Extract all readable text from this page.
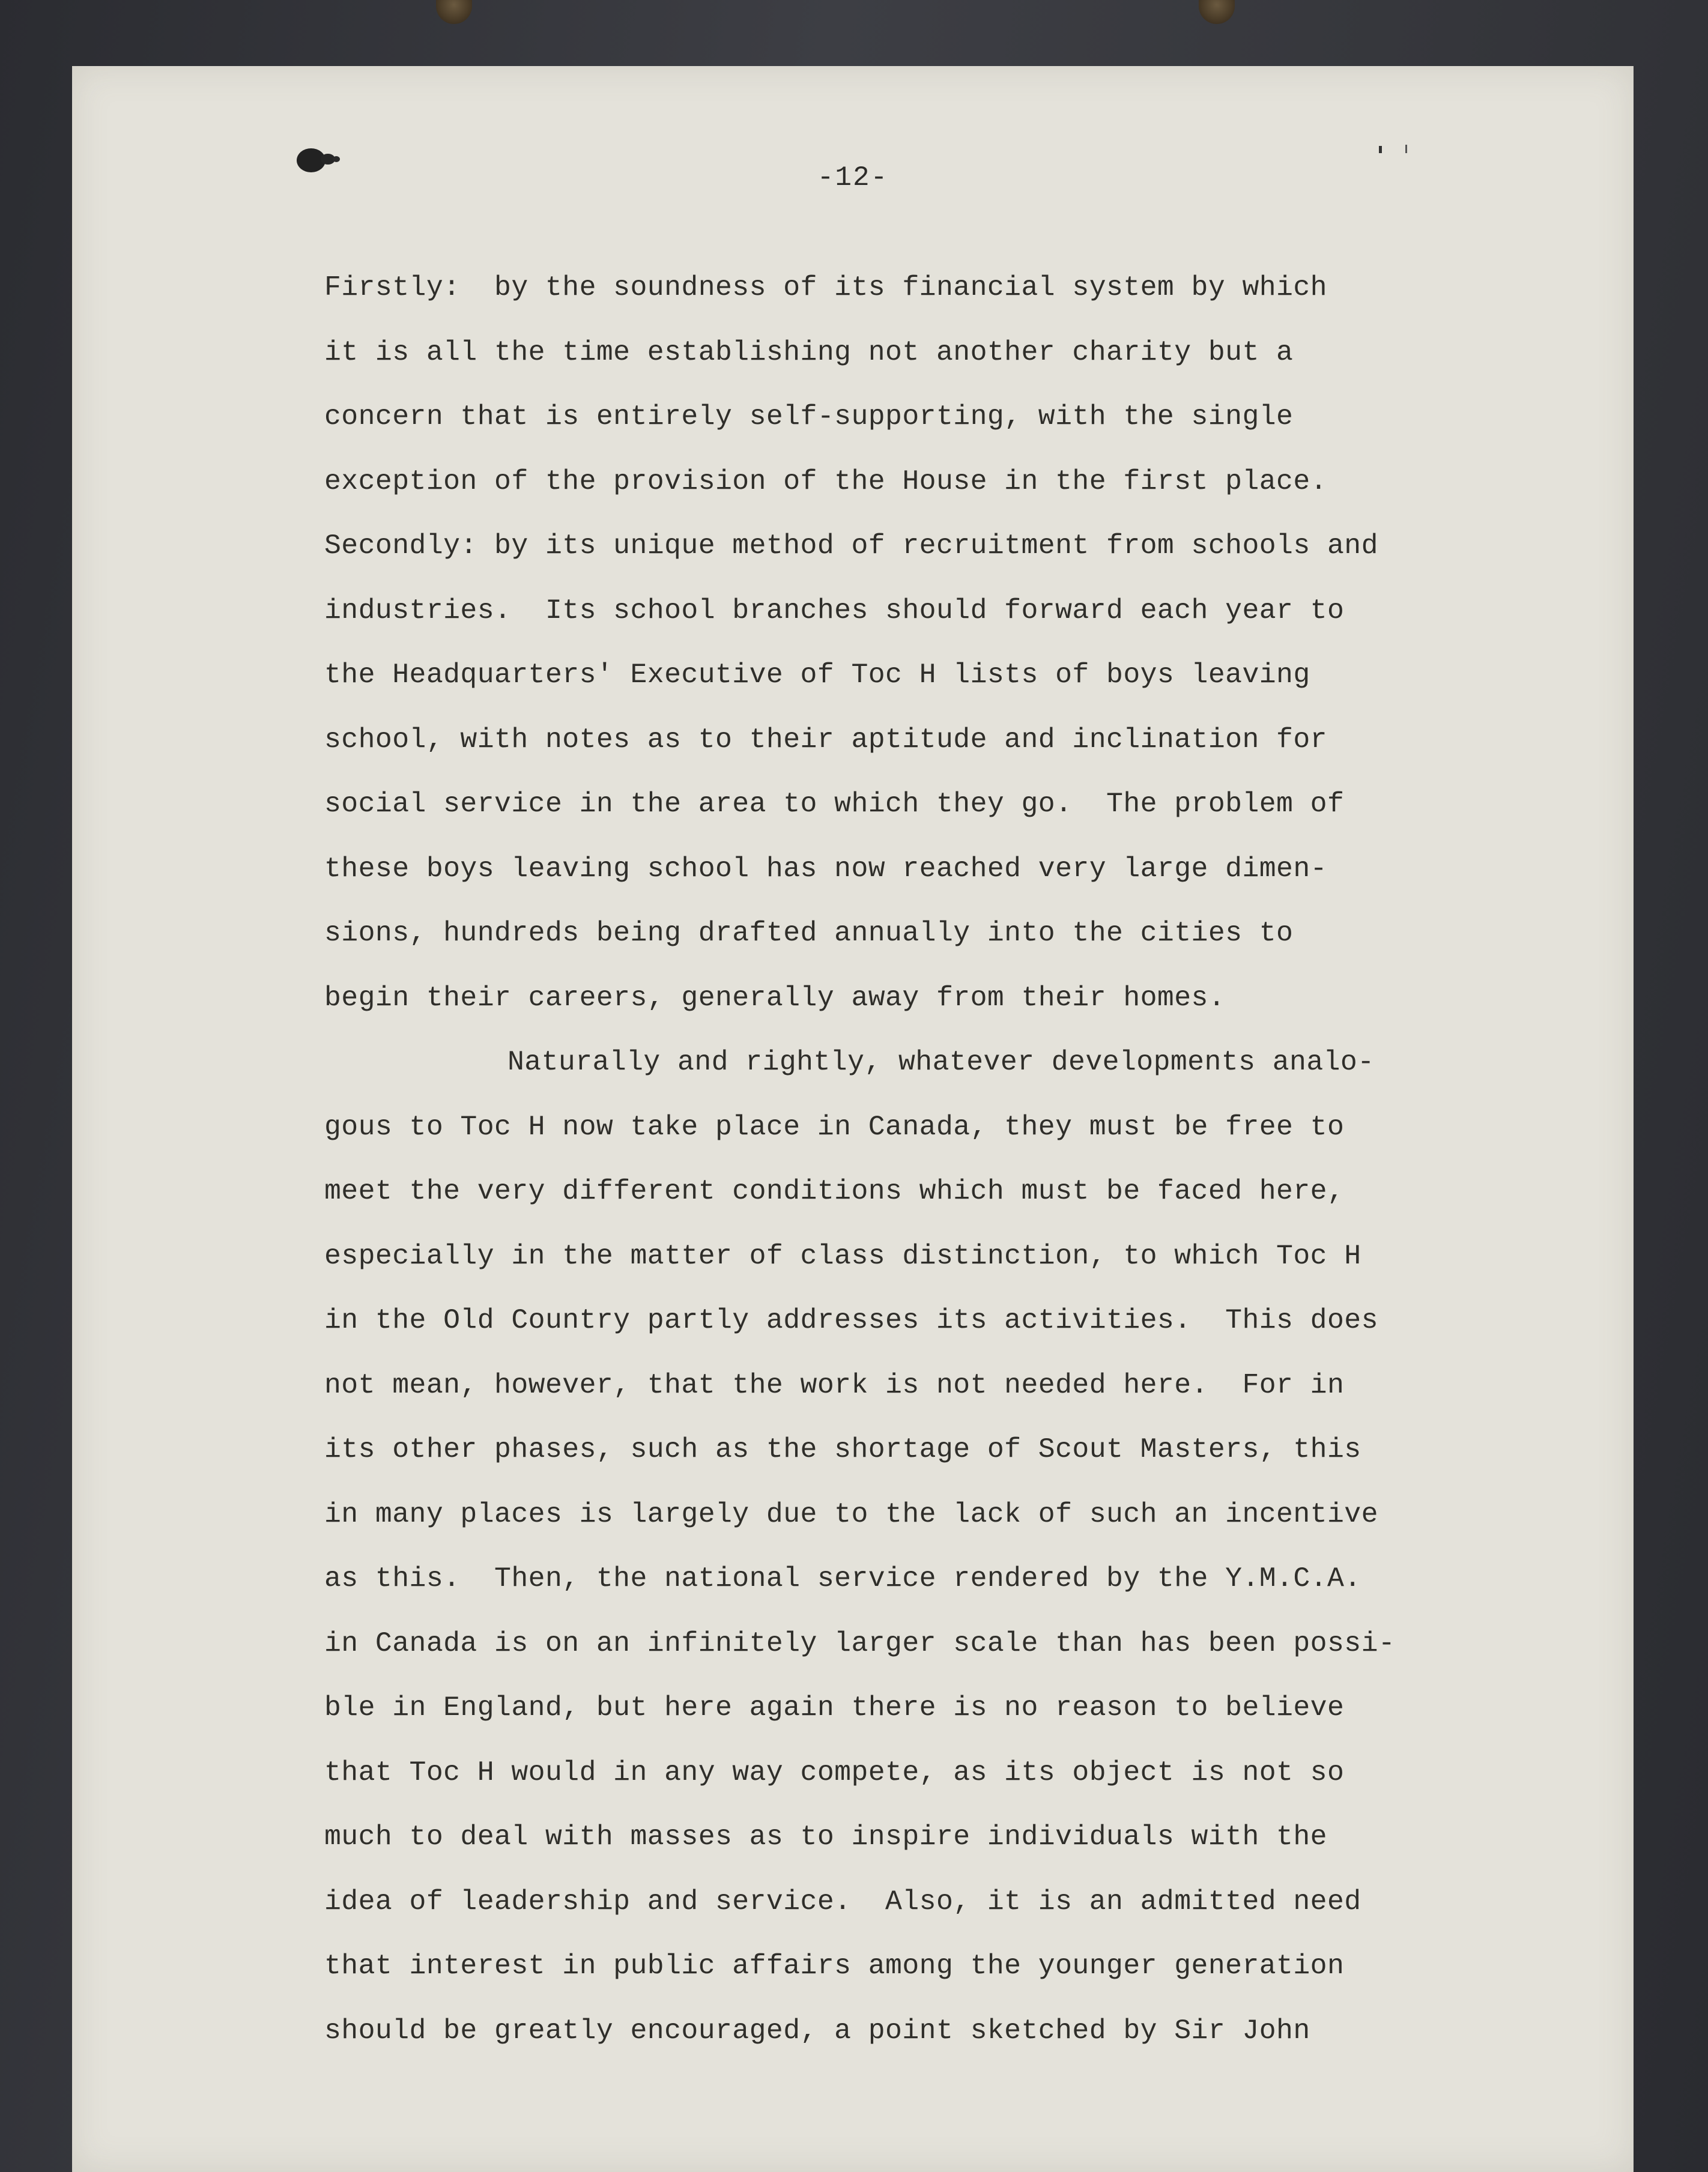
-12-
Firstly:  by the soundness of its financial system by which
it is all the time establishing not another charity but a
concern that is entirely self-supporting, with the single
exception of the provision of the House in the first place.
Secondly: by its unique method of recruitment from schools and
industries.  Its school branches should forward each year to
the Headquarters' Executive of Toc H lists of boys leaving
school, with notes as to their aptitude and inclination for
social service in the area to which they go.  The problem of
these boys leaving school has now reached very large dimen-
sions, hundreds being drafted annually into the cities to
begin their careers, generally away from their homes.
Naturally and rightly, whatever developments analo-
gous to Toc H now take place in Canada, they must be free to
meet the very different conditions which must be faced here,
especially in the matter of class distinction, to which Toc H
in the Old Country partly addresses its activities.  This does
not mean, however, that the work is not needed here.  For in
its other phases, such as the shortage of Scout Masters, this
in many places is largely due to the lack of such an incentive
as this.  Then, the national service rendered by the Y.M.C.A.
in Canada is on an infinitely larger scale than has been possi-
ble in England, but here again there is no reason to believe
that Toc H would in any way compete, as its object is not so
much to deal with masses as to inspire individuals with the
idea of leadership and service.  Also, it is an admitted need
that interest in public affairs among the younger generation
should be greatly encouraged, a point sketched by Sir John
